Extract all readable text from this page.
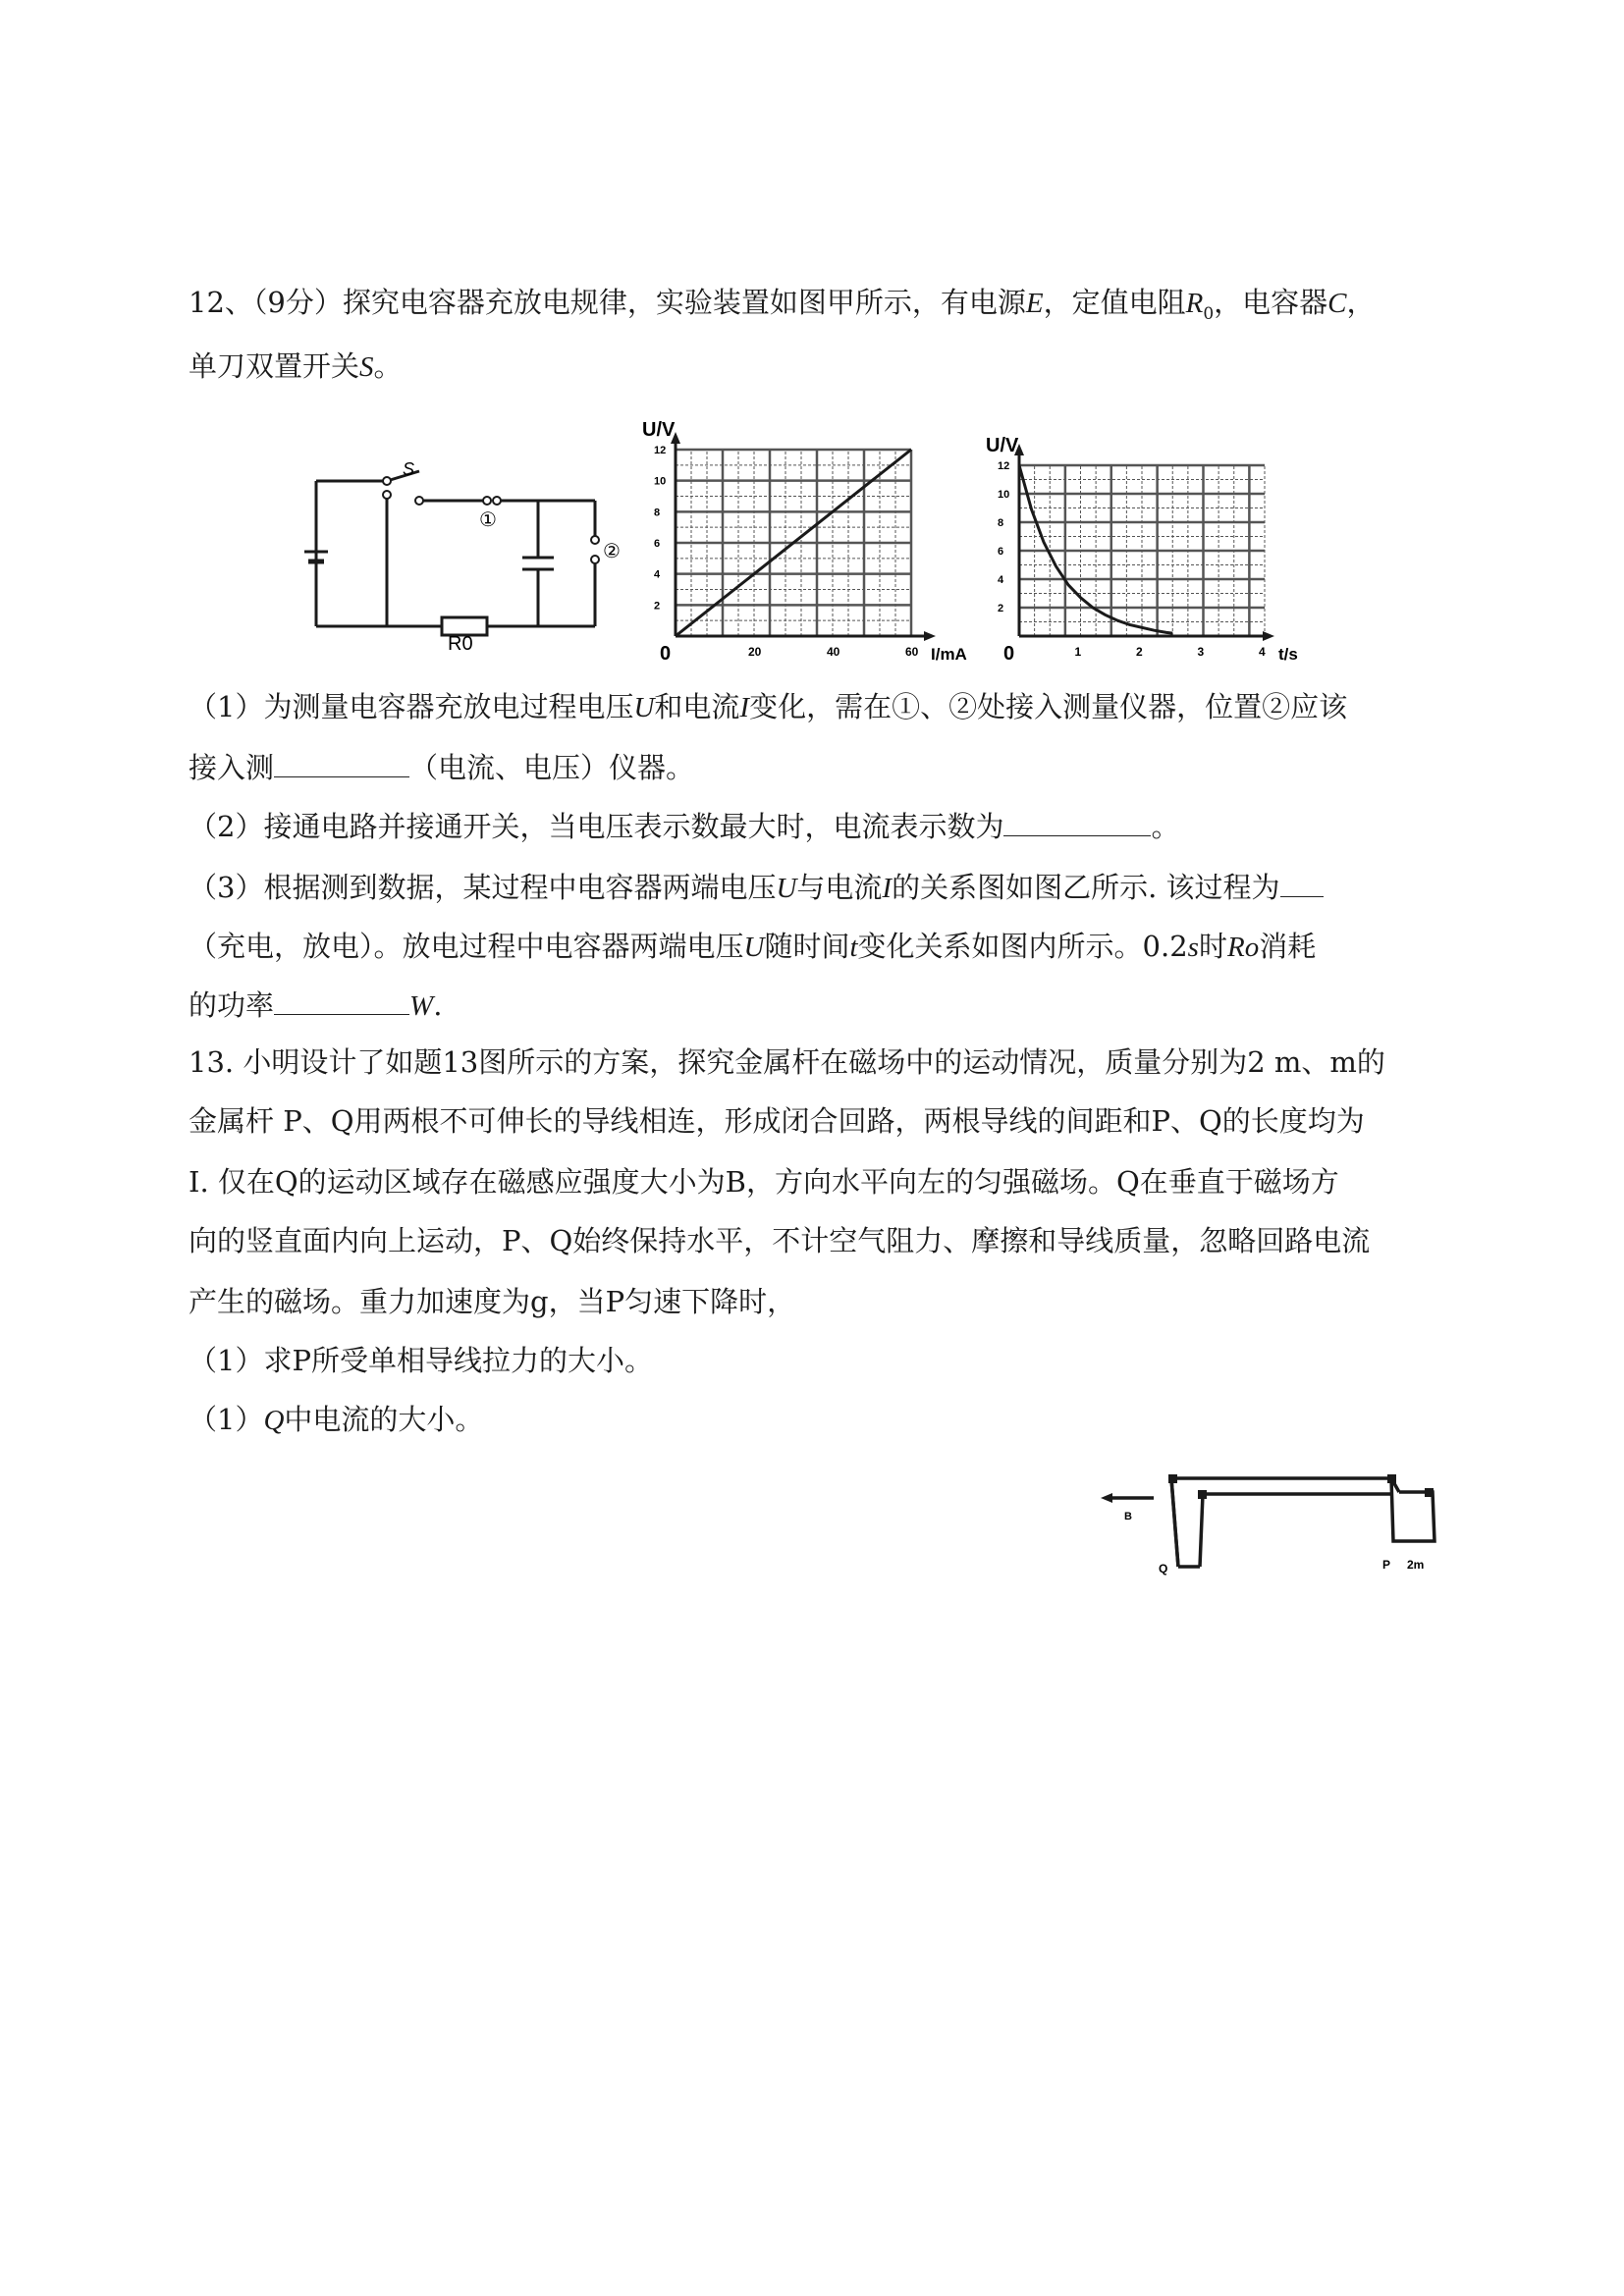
12、（9分）探究电容器充放电规律，实验装置如图甲所示，有电源E，定值电阻$R_0$，电容器C，

单刀双置开关S。

S
①
②
R0
U/V
I/mA
0	20	40	60
2
4
6
8
10
12	U/V
t/s
0	1	2	3	4
2
4
6
8
10
12

（1）为测量电容器充放电过程电压U和电流I变化，需在①、②处接入测量仪器，位置②应该

接入测	（电流、电压）仪器。

（2）接通电路并接通开关，当电压表示数最大时，电流表示数为	。

（3）根据测到数据，某过程中电容器两端电压U与电流I的关系图如图乙所示. 该过程为

（充电，放电）。放电过程中电容器两端电压U随时间t变化关系如图内所示。0.2s时Ro消耗

的功率	W.

13. 小明设计了如题13图所示的方案，探究金属杆在磁场中的运动情况，质量分别为2 m、m的

金属杆 P、Q用两根不可伸长的导线相连，形成闭合回路，两根导线的间距和P、Q的长度均为

I. 仅在Q的运动区域存在磁感应强度大小为B，方向水平向左的匀强磁场。Q在垂直于磁场方

向的竖直面内向上运动，P、Q始终保持水平，不计空气阻力、摩擦和导线质量，忽略回路电流

产生的磁场。重力加速度为g，当P匀速下降时，

（1）求P所受单相导线拉力的大小。

（1）Q中电流的大小。

B
Q	P 2m
